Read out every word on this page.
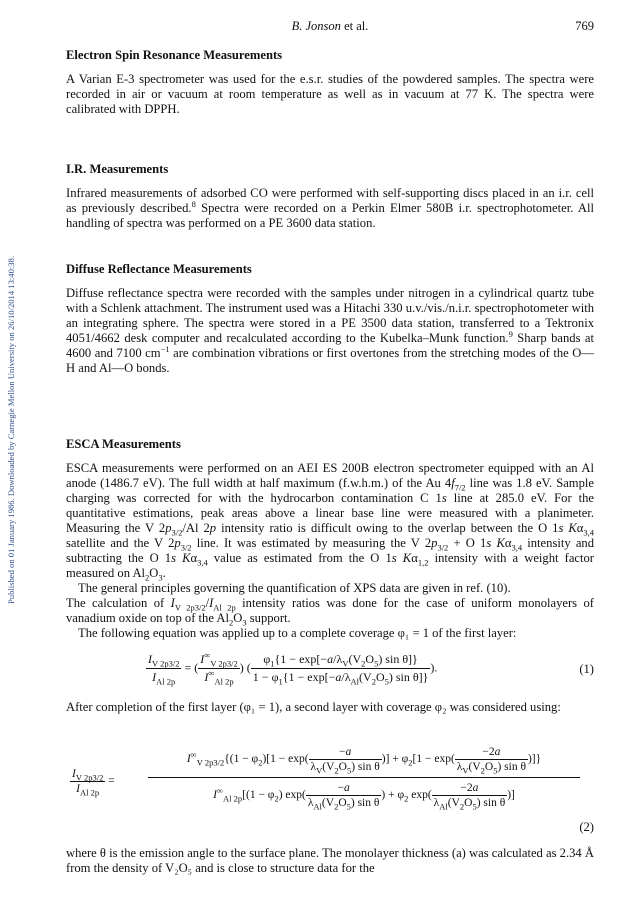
Published on 01 January 1986. Downloaded by Carnegie Mellon University on 26/10/2014 13:40:38.
B. Jonson et al.	769
Electron Spin Resonance Measurements

A Varian E-3 spectrometer was used for the e.s.r. studies of the powdered samples. The spectra were recorded in air or vacuum at room temperature as well as in vacuum at 77 K. The spectra were calibrated with DPPH.

I.R. Measurements

Infrared measurements of adsorbed CO were performed with self-supporting discs placed in an i.r. cell as previously described.$^8$ Spectra were recorded on a Perkin Elmer 580B i.r. spectrophotometer. All handling of spectra was performed on a PE 3600 data station.

Diffuse Reflectance Measurements

Diffuse reflectance spectra were recorded with the samples under nitrogen in a cylindrical quartz tube with a Schlenk attachment. The instrument used was a Hitachi 330 u.v./vis./n.i.r. spectrophotometer with an integrating sphere. The spectra were stored in a PE 3500 data station, transferred to a Tektronix 4051/4662 desk computer and recalculated according to the Kubelka–Munk function.$^9$ Sharp bands at 4600 and 7100 $cm^{-1}$ are combination vibrations or first overtones from the stretching modes of the O—H and Al—O bonds.

ESCA Measurements

ESCA measurements were performed on an AEI ES 200B electron spectrometer equipped with an Al anode (1486.7 eV). The full width at half maximum (f.w.h.m.) of the Au $4f_{7/2}$ line was 1.8 eV. Sample charging was corrected for with the hydrocarbon contamination C 1s line at 285.0 eV. For the quantitative estimations, peak areas above a linear base line were measured with a planimeter. Measuring the V $2p_{3/2}/Al$ 2p intensity ratio is difficult owing to the overlap between the O 1s $K\alpha_{3,4}$ satellite and the V $2p_{3/2}$ line. It was estimated by measuring the V $2p_{3/2} + O$ 1s $K\alpha_{3,4}$ intensity and subtracting the O 1s $K\alpha_{3,4}$ value as estimated from the O 1s $K\alpha_{1,2}$ intensity with a weight factor measured on $Al_2O_3$.

The general principles governing the quantification of XPS data are given in ref. (10).

The calculation of $I_{V 2p3/2}/I_{Al 2p}$ intensity ratios was done for the case of uniform monolayers of vanadium oxide on top of the $Al_2O_3$ support.

The following equation was applied up to a complete coverage φ₁ = 1 of the first layer:

$\frac{I_{V 2p3/2}}{I_{Al 2p}}$ = ( $\frac{I^\infty_{V 2p3/2}}{I^\infty_{Al 2p}}$ ) ( $\frac{\varphi_1\{1 - \exp[-a/\lambda_V(V_2O_5) \sin \theta]\}}{1 - \varphi_1\{1 - \exp[-a/\lambda_{Al}(V_2O_5) \sin \theta]\}}$ ).	(1)

After completion of the first layer (φ₁ = 1), a second layer with coverage φ₂ was considered using:

$\frac{I_{V 2p3/2}}{I_{Al 2p}}$ =
$I^\infty_{V 2p3/2}\{(1 - \varphi_2)[1 - \exp( \frac{-a}{\lambda_V(V_2O_5) \sin \theta}$ )] + $\varphi_2[1 - \exp( \frac{-2a}{\lambda_V(V_2O_5) \sin \theta}$ )]}
$I^\infty_{Al 2p}[(1 - \varphi_2)$ $\exp( \frac{-a}{\lambda_{Al}(V_2O_5) \sin \theta}$ ) + $\varphi_2$ $\exp( \frac{-2a}{\lambda_{Al}(V_2O_5) \sin \theta}$ )]
(2)

where θ is the emission angle to the surface plane. The monolayer thickness (a) was calculated as 2.34 Å from the density of V₂O₅ and is close to structure data for the
